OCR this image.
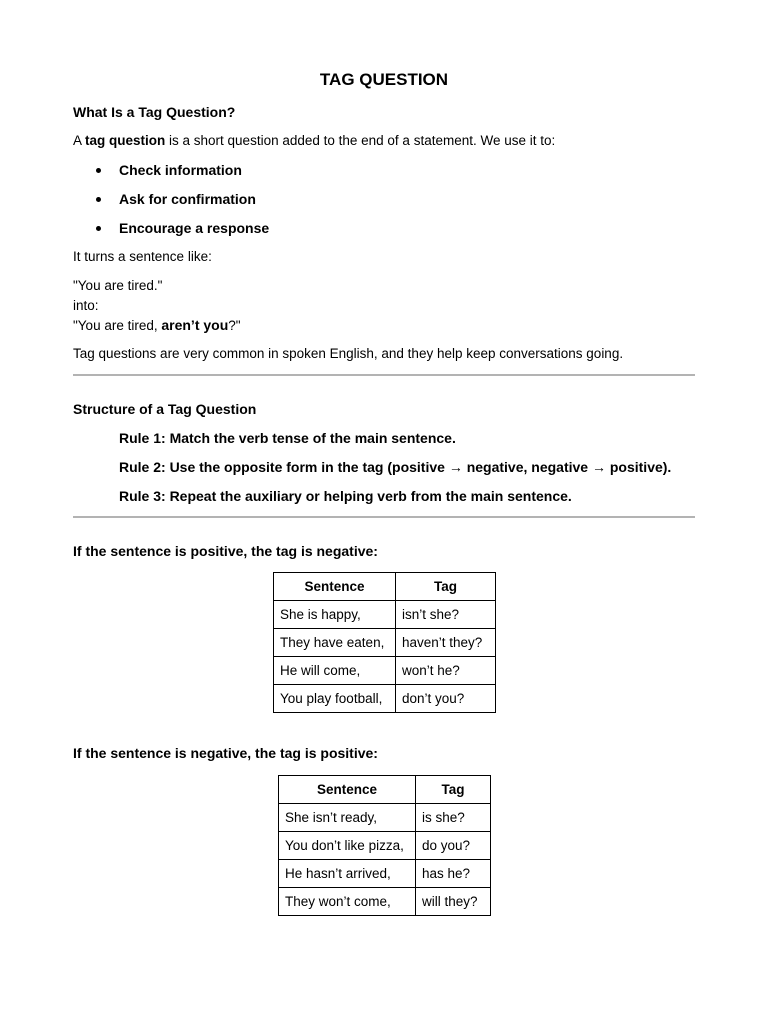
TAG QUESTION
What Is a Tag Question?
A tag question is a short question added to the end of a statement. We use it to:
Check information
Ask for confirmation
Encourage a response
It turns a sentence like:
"You are tired."
into:
"You are tired, aren’t you?"
Tag questions are very common in spoken English, and they help keep conversations going.
Structure of a Tag Question
Rule 1: Match the verb tense of the main sentence.
Rule 2: Use the opposite form in the tag (positive → negative, negative → positive).
Rule 3: Repeat the auxiliary or helping verb from the main sentence.
If the sentence is positive, the tag is negative:
Sentence	Tag
She is happy,	isn’t she?
They have eaten,	haven’t they?
He will come,	won’t he?
You play football,	don’t you?
If the sentence is negative, the tag is positive:
Sentence	Tag
She isn’t ready,	is she?
You don’t like pizza,	do you?
He hasn’t arrived,	has he?
They won’t come,	will they?
